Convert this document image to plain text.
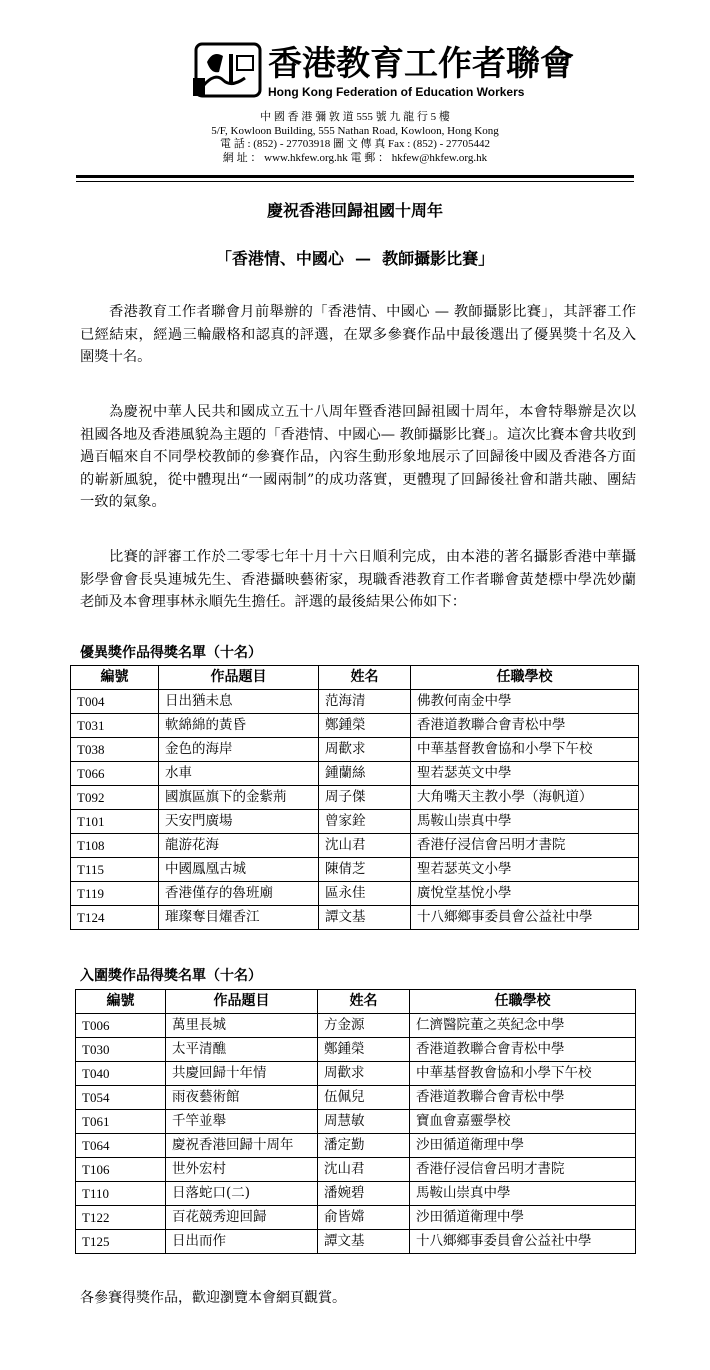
香港教育工作者聯會
Hong Kong Federation of Education Workers
中 國 香 港 彌 敦 道 555 號 九 龍 行 5 樓
5/F, Kowloon Building, 555 Nathan Road, Kowloon, Hong Kong
電 話 : (852) - 27703918 圖 文 傳 真 Fax : (852) - 27705442
網 址 ： www.hkfew.org.hk 電 郵 ： hkfew@hkfew.org.hk
慶祝香港回歸祖國十周年
「香港情、中國心  —  教師攝影比賽」
香港教育工作者聯會月前舉辦的「香港情、中國心 — 教師攝影比賽」，其評審工作已經結束，經過三輪嚴格和認真的評選，在眾多參賽作品中最後選出了優異獎十名及入圍獎十名。
為慶祝中華人民共和國成立五十八周年暨香港回歸祖國十周年，本會特舉辦是次以祖國各地及香港風貌為主題的「香港情、中國心— 教師攝影比賽」。這次比賽本會共收到過百幅來自不同學校教師的參賽作品，內容生動形象地展示了回歸後中國及香港各方面的嶄新風貌，從中體現出“一國兩制”的成功落實，更體現了回歸後社會和諧共融、團結一致的氣象。
比賽的評審工作於二零零七年十月十六日順利完成，由本港的著名攝影香港中華攝影學會會長吳連城先生、香港攝映藝術家，現職香港教育工作者聯會黃楚標中學冼妙蘭老師及本會理事林永順先生擔任。評選的最後結果公佈如下：
優異獎作品得獎名單（十名）
編號	作品題目	姓名	任職學校
T004	日出猶未息	范海清	佛教何南金中學
T031	軟綿綿的黃昏	鄭鍾榮	香港道教聯合會青松中學
T038	金色的海岸	周歡求	中華基督教會協和小學下午校
T066	水車	鍾蘭絲	聖若瑟英文中學
T092	國旗區旗下的金紫荊	周子傑	大角嘴天主教小學（海帆道）
T101	天安門廣場	曾家銓	馬鞍山崇真中學
T108	龍游花海	沈山君	香港仔浸信會呂明才書院
T115	中國鳳凰古城	陳倩芝	聖若瑟英文小學
T119	香港僅存的魯班廟	區永佳	廣悅堂基悅小學
T124	璀璨奪目燿香江	譚文基	十八鄉鄉事委員會公益社中學
入圍獎作品得獎名單（十名）
編號	作品題目	姓名	任職學校
T006	萬里長城	方金源	仁濟醫院董之英紀念中學
T030	太平清醮	鄭鍾榮	香港道教聯合會青松中學
T040	共慶回歸十年情	周歡求	中華基督教會協和小學下午校
T054	雨夜藝術館	伍佩兒	香港道教聯合會青松中學
T061	千竿並舉	周慧敏	寶血會嘉靈學校
T064	慶祝香港回歸十周年	潘定勤	沙田循道衛理中學
T106	世外宏村	沈山君	香港仔浸信會呂明才書院
T110	日落蛇口(二)	潘婉碧	馬鞍山崇真中學
T122	百花競秀迎回歸	俞皆嫦	沙田循道衛理中學
T125	日出而作	譚文基	十八鄉鄉事委員會公益社中學
各參賽得獎作品，歡迎瀏覽本會網頁觀賞。
